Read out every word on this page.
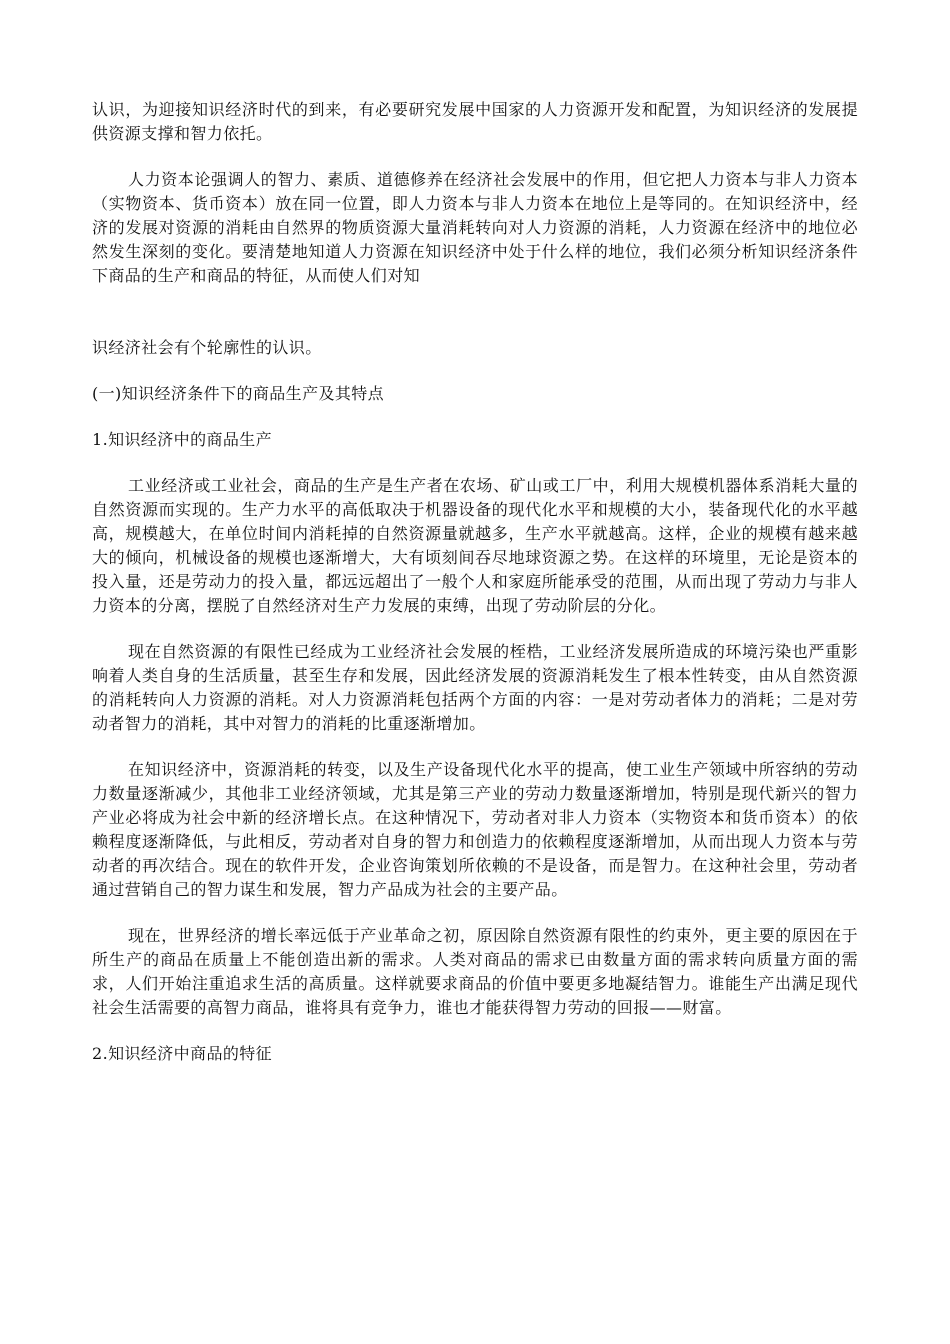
认识，为迎接知识经济时代的到来，有必要研究发展中国家的人力资源开发和配置，为知识经济的发展提供资源支撑和智力依托。

人力资本论强调人的智力、素质、道德修养在经济社会发展中的作用，但它把人力资本与非人力资本（实物资本、货币资本）放在同一位置，即人力资本与非人力资本在地位上是等同的。在知识经济中，经济的发展对资源的消耗由自然界的物质资源大量消耗转向对人力资源的消耗，人力资源在经济中的地位必然发生深刻的变化。要清楚地知道人力资源在知识经济中处于什么样的地位，我们必须分析知识经济条件下商品的生产和商品的特征，从而使人们对知

识经济社会有个轮廓性的认识。

(一)知识经济条件下的商品生产及其特点

1.知识经济中的商品生产

工业经济或工业社会，商品的生产是生产者在农场、矿山或工厂中，利用大规模机器体系消耗大量的自然资源而实现的。生产力水平的高低取决于机器设备的现代化水平和规模的大小，装备现代化的水平越高，规模越大，在单位时间内消耗掉的自然资源量就越多，生产水平就越高。这样，企业的规模有越来越大的倾向，机械设备的规模也逐渐增大，大有顷刻间吞尽地球资源之势。在这样的环境里，无论是资本的投入量，还是劳动力的投入量，都远远超出了一般个人和家庭所能承受的范围，从而出现了劳动力与非人力资本的分离，摆脱了自然经济对生产力发展的束缚，出现了劳动阶层的分化。

现在自然资源的有限性已经成为工业经济社会发展的桎梏，工业经济发展所造成的环境污染也严重影响着人类自身的生活质量，甚至生存和发展，因此经济发展的资源消耗发生了根本性转变，由从自然资源的消耗转向人力资源的消耗。对人力资源消耗包括两个方面的内容：一是对劳动者体力的消耗；二是对劳动者智力的消耗，其中对智力的消耗的比重逐渐增加。

在知识经济中，资源消耗的转变，以及生产设备现代化水平的提高，使工业生产领域中所容纳的劳动力数量逐渐减少，其他非工业经济领域，尤其是第三产业的劳动力数量逐渐增加，特别是现代新兴的智力产业必将成为社会中新的经济增长点。在这种情况下，劳动者对非人力资本（实物资本和货币资本）的依赖程度逐渐降低，与此相反，劳动者对自身的智力和创造力的依赖程度逐渐增加，从而出现人力资本与劳动者的再次结合。现在的软件开发，企业咨询策划所依赖的不是设备，而是智力。在这种社会里，劳动者通过营销自己的智力谋生和发展，智力产品成为社会的主要产品。

现在，世界经济的增长率远低于产业革命之初，原因除自然资源有限性的约束外，更主要的原因在于所生产的商品在质量上不能创造出新的需求。人类对商品的需求已由数量方面的需求转向质量方面的需求，人们开始注重追求生活的高质量。这样就要求商品的价值中要更多地凝结智力。谁能生产出满足现代社会生活需要的高智力商品，谁将具有竞争力，谁也才能获得智力劳动的回报——财富。

2.知识经济中商品的特征
